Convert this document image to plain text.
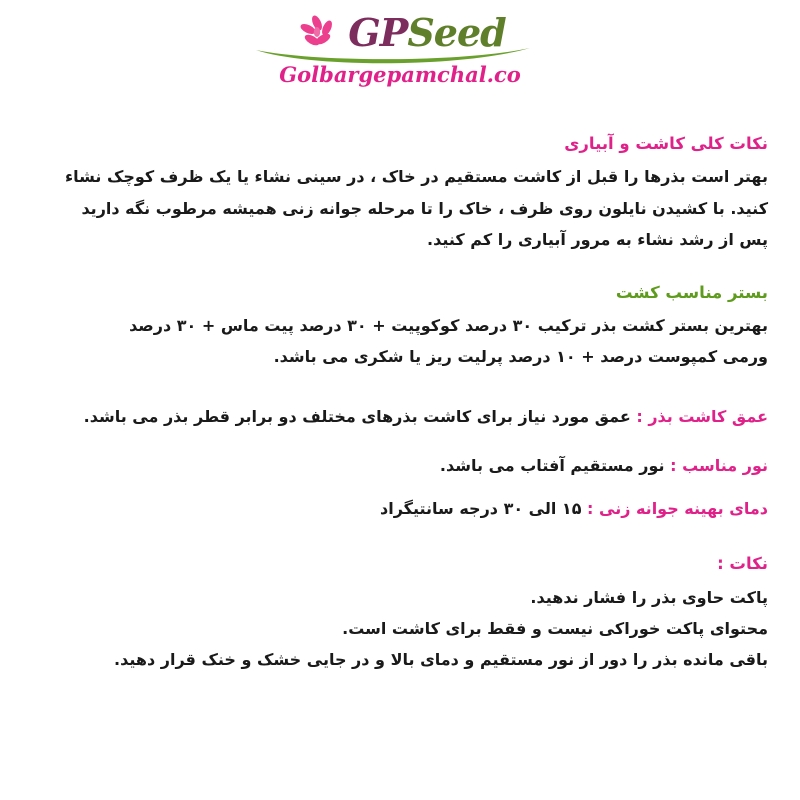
GPSeed
Golbargepamchal.co

نکات کلی کاشت و آبیاری

بهتر است بذرها را قبل از کاشت مستقیم در خاک ، در سینی نشاء یا یک ظرف کوچک نشاء

کنید. با کشیدن نایلون روی ظرف ، خاک را تا مرحله جوانه زنی همیشه مرطوب نگه دارید

پس از رشد نشاء به مرور آبیاری را کم کنید.

بستر مناسب کشت

بهترین بستر کشت بذر ترکیب ۳۰ درصد کوکوپیت + ۳۰ درصد پیت ماس + ۳۰ درصد

ورمی کمپوست درصد + ۱۰ درصد پرلیت ریز یا شکری می باشد.

عمق کاشت بذر : عمق مورد نیاز برای کاشت بذرهای مختلف دو برابر قطر بذر می باشد.

نور مناسب : نور مستقیم آفتاب می باشد.

دمای بهینه جوانه زنی : ۱۵ الی ۳۰ درجه سانتیگراد

نکات :

پاکت حاوی بذر را فشار ندهید.

محتوای پاکت خوراکی نیست و فقط برای کاشت است.

باقی مانده بذر را دور از نور مستقیم و دمای بالا و در جایی خشک و خنک قرار دهید.
